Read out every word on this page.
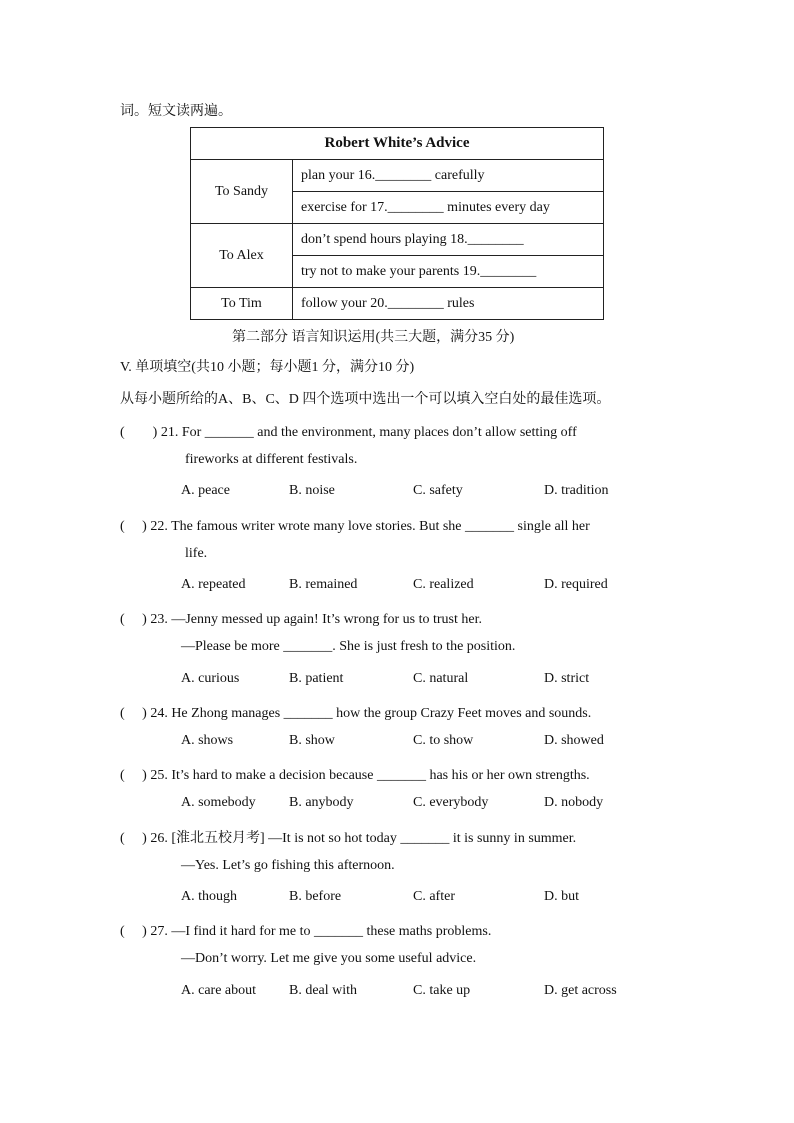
词。短文读两遍。
Robert White’s Advice	
To Sandy	plan your 16.________ carefully
	exercise for 17.________ minutes every day
To Alex	don’t spend hours playing 18.________
	try not to make your parents 19.________
To Tim	follow your 20.________ rules
第二部分 语言知识运用(共三大题，满分35 分)
V. 单项填空(共10 小题；每小题1 分，满分10 分)
从每小题所给的A、B、C、D 四个选项中选出一个可以填入空白处的最佳选项。
(　　) 21. For _______ and the environment, many places don’t allow setting off
fireworks at different festivals.
A. peace	B. noise	C. safety	D. tradition
(　 ) 22. The famous writer wrote many love stories. But she _______ single all her
life.
A. repeated	B. remained	C. realized	D. required
(　 ) 23. —Jenny messed up again! It’s wrong for us to trust her.
—Please be more _______. She is just fresh to the position.
A. curious	B. patient	C. natural	D. strict
(　 ) 24. He Zhong manages _______ how the group Crazy Feet moves and sounds.
A. shows	B. show	C. to show	D. showed
(　 ) 25. It’s hard to make a decision because _______ has his or her own strengths.
A. somebody B. anybody	C. everybody	D. nobody
(　 ) 26. [淮北五校月考] —It is not so hot today _______ it is sunny in summer.
—Yes. Let’s go fishing this afternoon.
A. though	B. before	C. after	D. but
(　 ) 27. —I find it hard for me to _______ these maths problems.
—Don’t worry. Let me give you some useful advice.
A. care about B. deal with	C. take up	D. get across
